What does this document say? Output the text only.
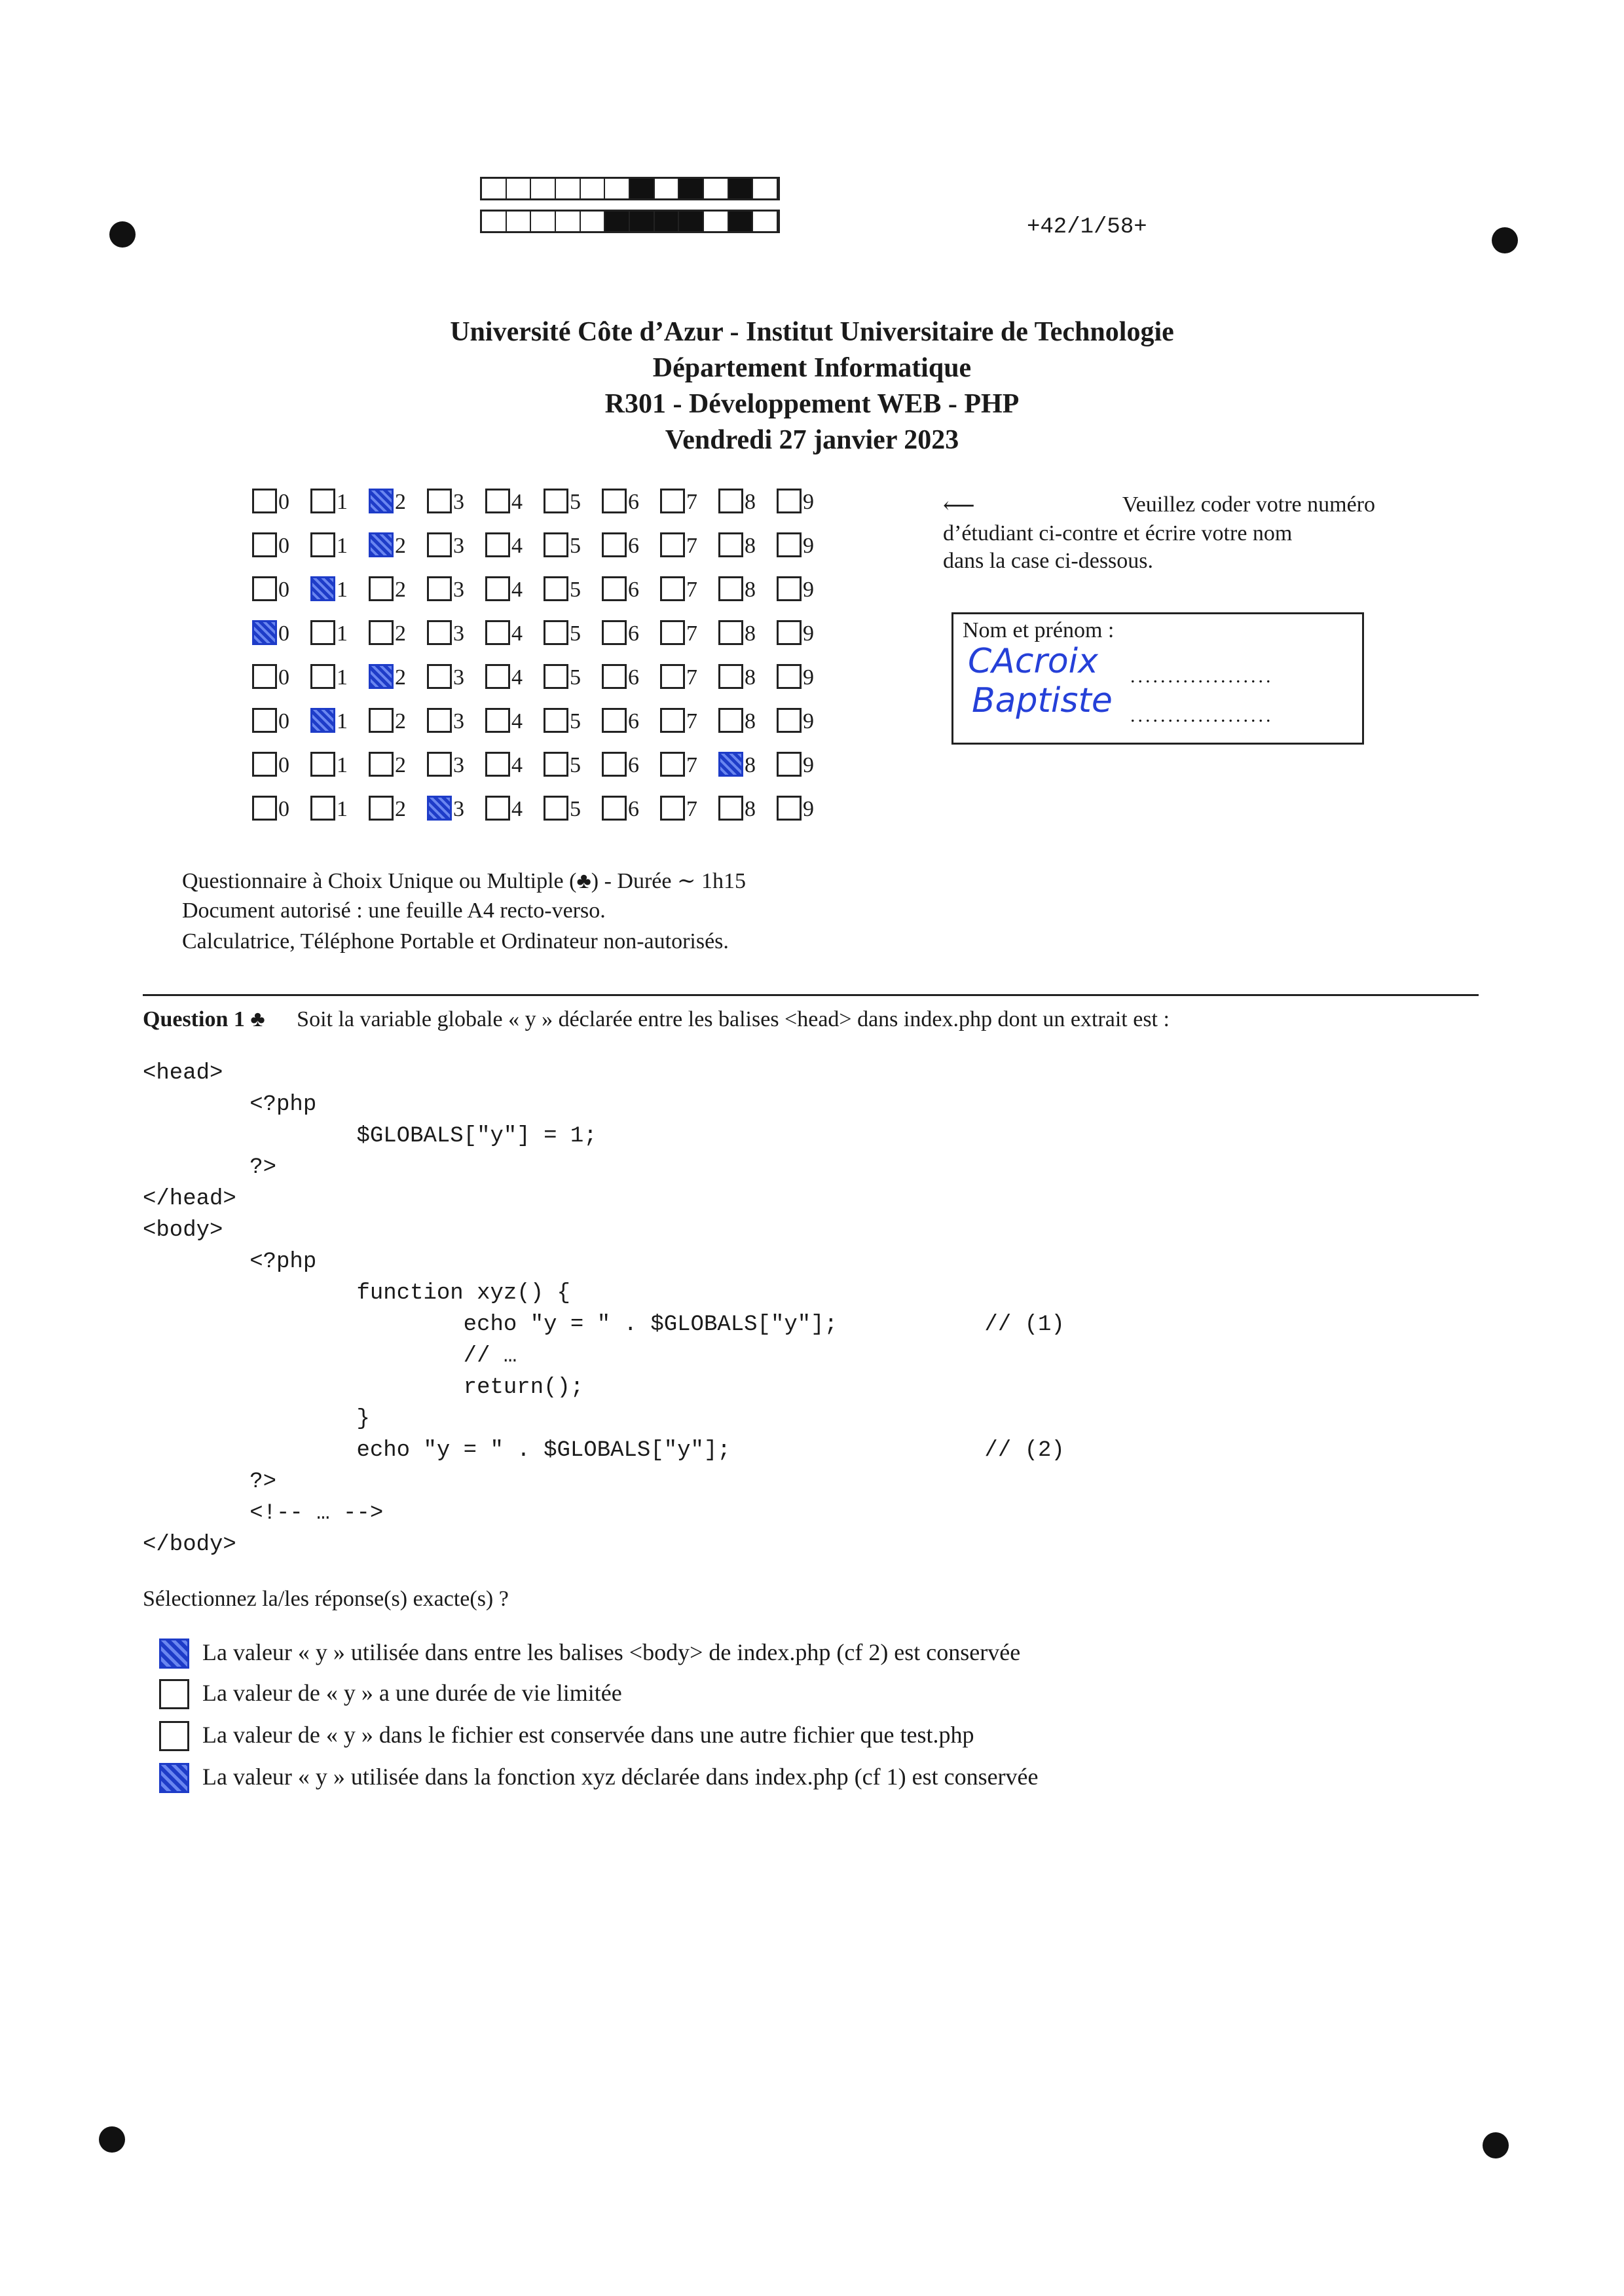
+42/1/58+
Université Côte d’Azur - Institut Universitaire de Technologie
Département Informatique
R301 - Développement WEB - PHP
Vendredi 27 janvier 2023
0 1 2 3 4 5 6 7 8 9
0 1 2 3 4 5 6 7 8 9
0 1 2 3 4 5 6 7 8 9
0 1 2 3 4 5 6 7 8 9
0 1 2 3 4 5 6 7 8 9
0 1 2 3 4 5 6 7 8 9
0 1 2 3 4 5 6 7 8 9
0 1 2 3 4 5 6 7 8 9
⟵	Veuillez coder votre numéro
d’étudiant ci-contre et écrire votre nom
dans la case ci-dessous.
Nom et prénom :
CAcroix ...................
Baptiste ...................
Questionnaire à Choix Unique ou Multiple (♣) - Durée ∼ 1h15
Document autorisé : une feuille A4 recto-verso.
Calculatrice, Téléphone Portable et Ordinateur non-autorisés.
Question 1 ♣ Soit la variable globale « y » déclarée entre les balises <head> dans index.php dont un extrait est :
<head>
<?php
$GLOBALS["y"] = 1;
?>
</head>
<body>
<?php
function xyz() {
echo "y = " . $GLOBALS["y"];           // (1)
// …
return();
}
echo "y = " . $GLOBALS["y"];                   // (2)
?>
<!-- … -->
</body>
Sélectionnez la/les réponse(s) exacte(s) ?
La valeur « y » utilisée dans entre les balises <body> de index.php (cf 2) est conservée
La valeur de « y » a une durée de vie limitée
La valeur de « y » dans le fichier est conservée dans une autre fichier que test.php
La valeur « y » utilisée dans la fonction xyz déclarée dans index.php (cf 1) est conservée
